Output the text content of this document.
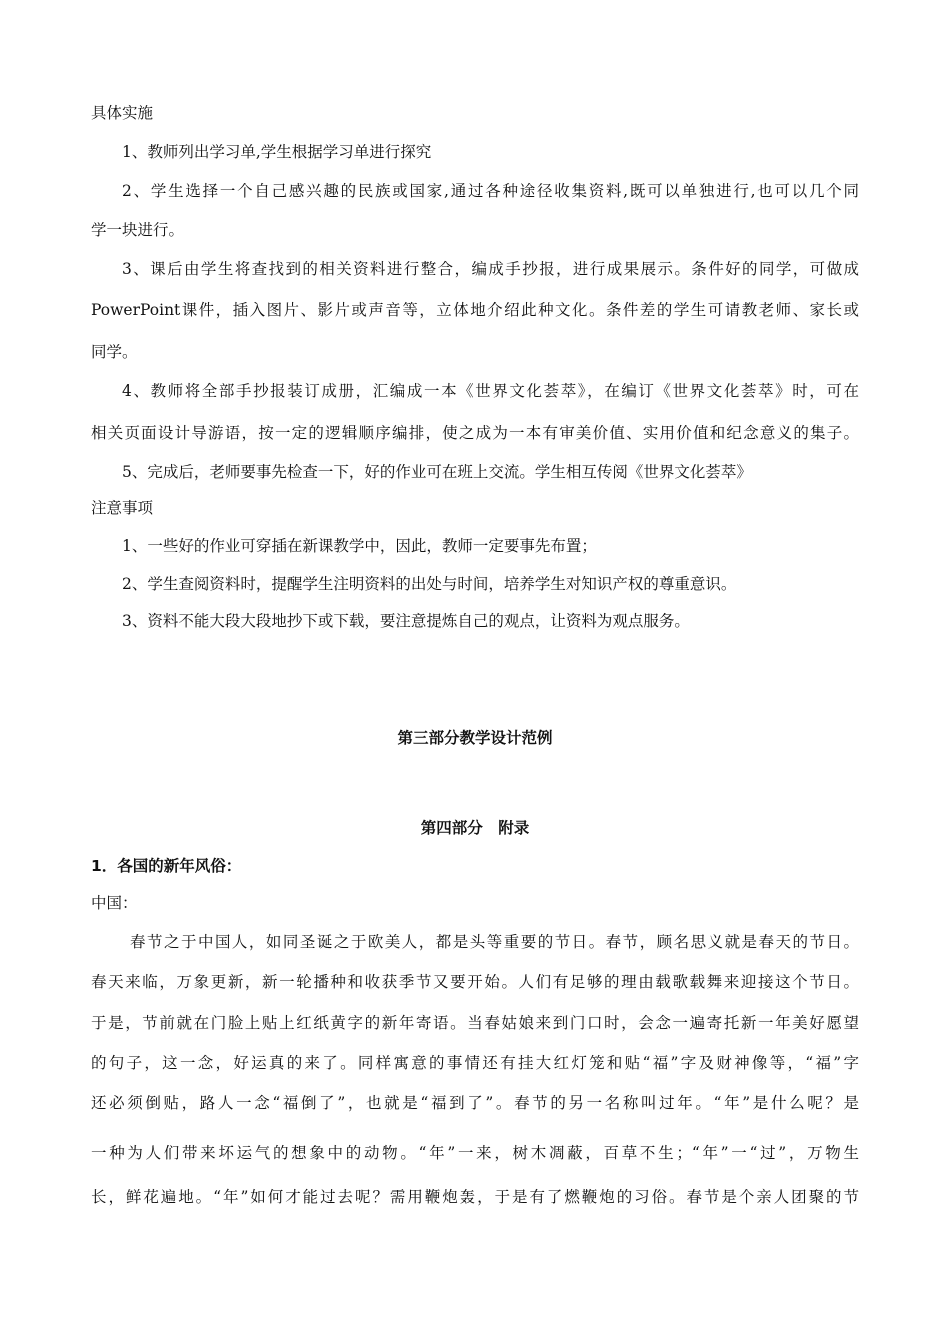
具体实施
1、教师列出学习单,学生根据学习单进行探究
2、学生选择一个自己感兴趣的民族或国家,通过各种途径收集资料,既可以单独进行,也可以几个同
学一块进行。
3、课后由学生将查找到的相关资料进行整合，编成手抄报，进行成果展示。条件好的同学，可做成
PowerPoint课件，插入图片、影片或声音等，立体地介绍此种文化。条件差的学生可请教老师、家长或
同学。
4、教师将全部手抄报装订成册，汇编成一本《世界文化荟萃》，在编订《世界文化荟萃》时，可在
相关页面设计导游语，按一定的逻辑顺序编排，使之成为一本有审美价值、实用价值和纪念意义的集子。
5、完成后，老师要事先检查一下，好的作业可在班上交流。学生相互传阅《世界文化荟萃》
注意事项
1、一些好的作业可穿插在新课教学中，因此，教师一定要事先布置；
2、学生查阅资料时，提醒学生注明资料的出处与时间，培养学生对知识产权的尊重意识。
3、资料不能大段大段地抄下或下载，要注意提炼自己的观点，让资料为观点服务。
第三部分教学设计范例
第四部分　附录
1．各国的新年风俗：
中国：
春节之于中国人，如同圣诞之于欧美人，都是头等重要的节日。春节，顾名思义就是春天的节日。
春天来临，万象更新，新一轮播种和收获季节又要开始。人们有足够的理由载歌载舞来迎接这个节日。
于是，节前就在门脸上贴上红纸黄字的新年寄语。当春姑娘来到门口时，会念一遍寄托新一年美好愿望
的句子，这一念，好运真的来了。同样寓意的事情还有挂大红灯笼和贴“福”字及财神像等，“福”字
还必须倒贴，路人一念“福倒了”，也就是“福到了”。春节的另一名称叫过年。“年”是什么呢？是
一种为人们带来坏运气的想象中的动物。“年”一来，树木凋蔽，百草不生；“年”一“过”，万物生
长，鲜花遍地。“年”如何才能过去呢？需用鞭炮轰，于是有了燃鞭炮的习俗。春节是个亲人团聚的节
